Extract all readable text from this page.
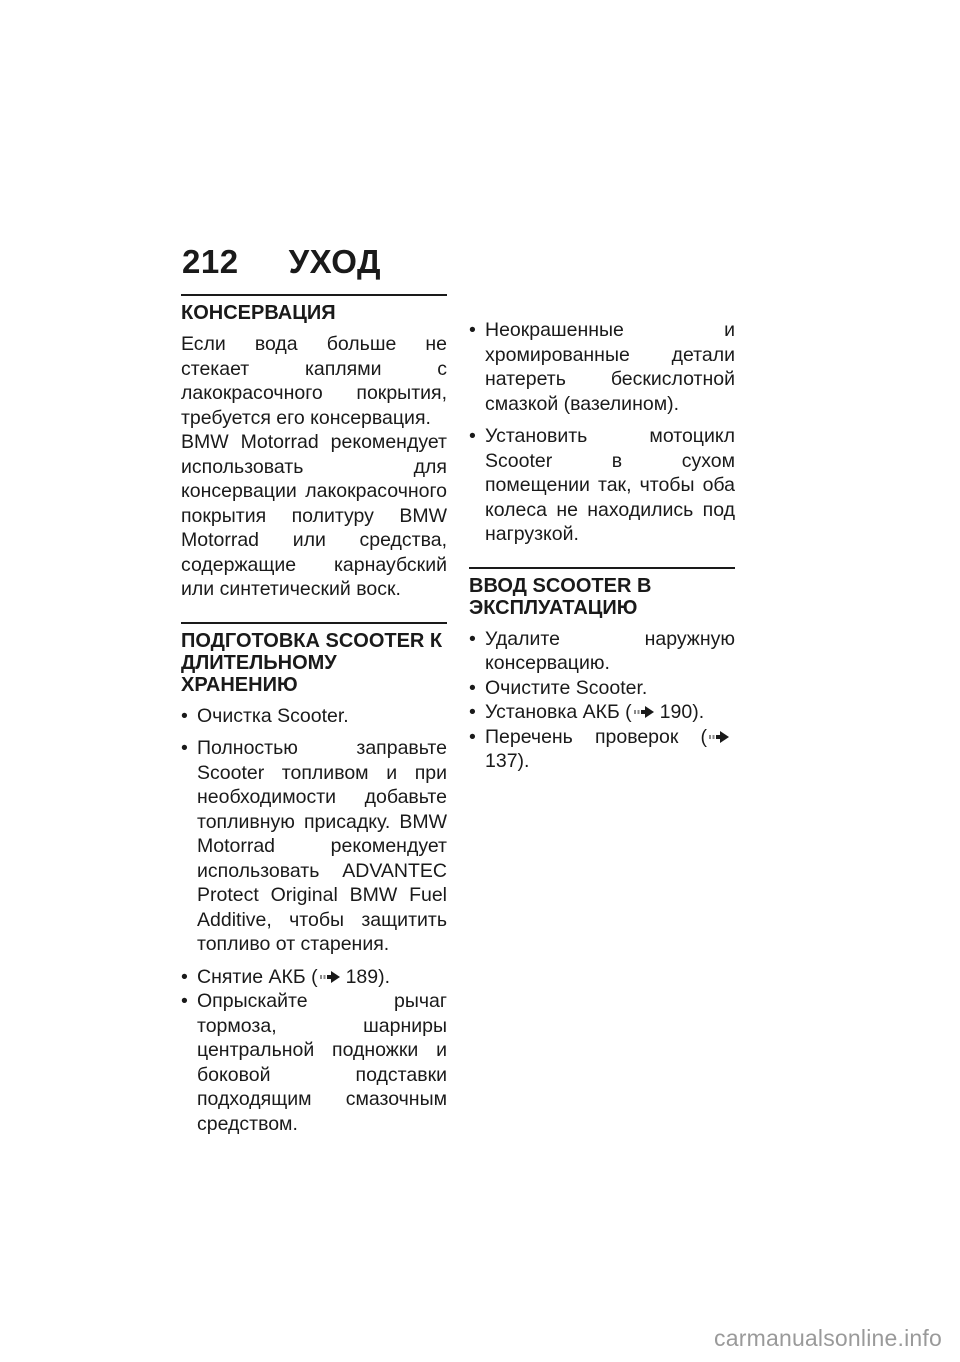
212 УХОД
КОНСЕРВАЦИЯ

Если вода больше не стекает каплями с лакокрасочного покрытия, требуется его консервация.

BMW Motorrad рекомендует использовать для консервации лакокрасочного покрытия политуру BMW Motorrad или средства, содержащие карнаубский или синтетический воск.

ПОДГОТОВКА SCOOTER К ДЛИТЕЛЬНОМУ ХРАНЕНИЮ
• Очистка Scooter.
• Полностью заправьте Scooter топливом и при необходимости добавьте топливную присадку. BMW Motorrad рекомендует использовать ADVANTEC Protect Original BMW Fuel Additive, чтобы защитить топливо от старения.
• Снятие АКБ ( 189).
• Опрыскайте рычаг тормоза, шарниры центральной подножки и боковой подставки подходящим смазочным средством.
• Неокрашенные и хромированные детали натереть бескислотной смазкой (вазелином).
• Установить мотоцикл Scooter в сухом помещении так, чтобы оба колеса не находились под нагрузкой.
ВВОД SCOOTER В ЭКСПЛУАТАЦИЮ
• Удалите наружную консервацию.
• Очистите Scooter.
• Установка АКБ ( 190).
• Перечень проверок (137).
carmanualsonline.info
